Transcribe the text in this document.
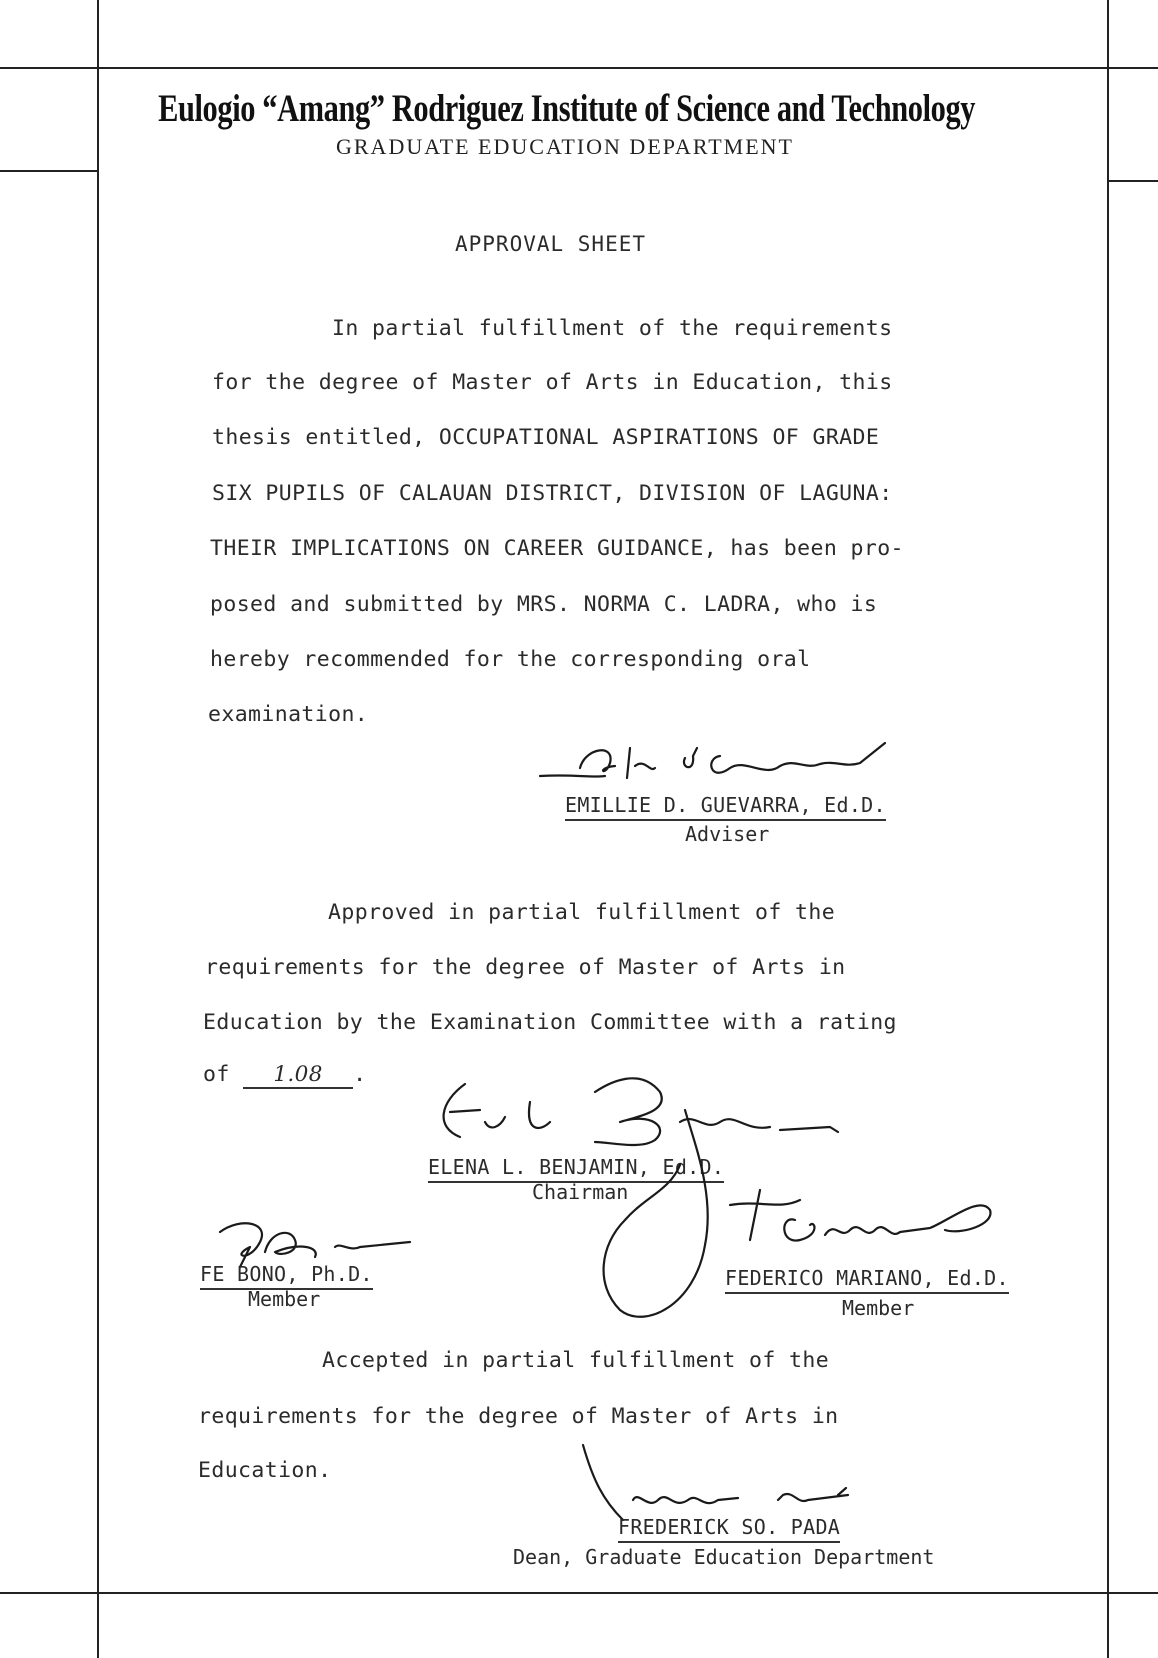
Eulogio “Amang” Rodriguez Institute of Science and Technology
GRADUATE EDUCATION DEPARTMENT
APPROVAL SHEET
In partial fulfillment of the requirements
for the degree of Master of Arts in Education, this
thesis entitled, OCCUPATIONAL ASPIRATIONS OF GRADE
SIX PUPILS OF CALAUAN DISTRICT, DIVISION OF LAGUNA:
THEIR IMPLICATIONS ON CAREER GUIDANCE, has been pro-
posed and submitted by MRS. NORMA C. LADRA, who is
hereby recommended for the corresponding oral
examination.
EMILLIE D. GUEVARRA, Ed.D.
Adviser
Approved in partial fulfillment of the
requirements for the degree of Master of Arts in
Education by the Examination Committee with a rating
of 1.08 .
ELENA L. BENJAMIN, Ed.D.
Chairman
FE BONO, Ph.D.
Member
FEDERICO MARIANO, Ed.D.
Member
Accepted in partial fulfillment of the
requirements for the degree of Master of Arts in
Education.
FREDERICK SO. PADA
Dean, Graduate Education Department
